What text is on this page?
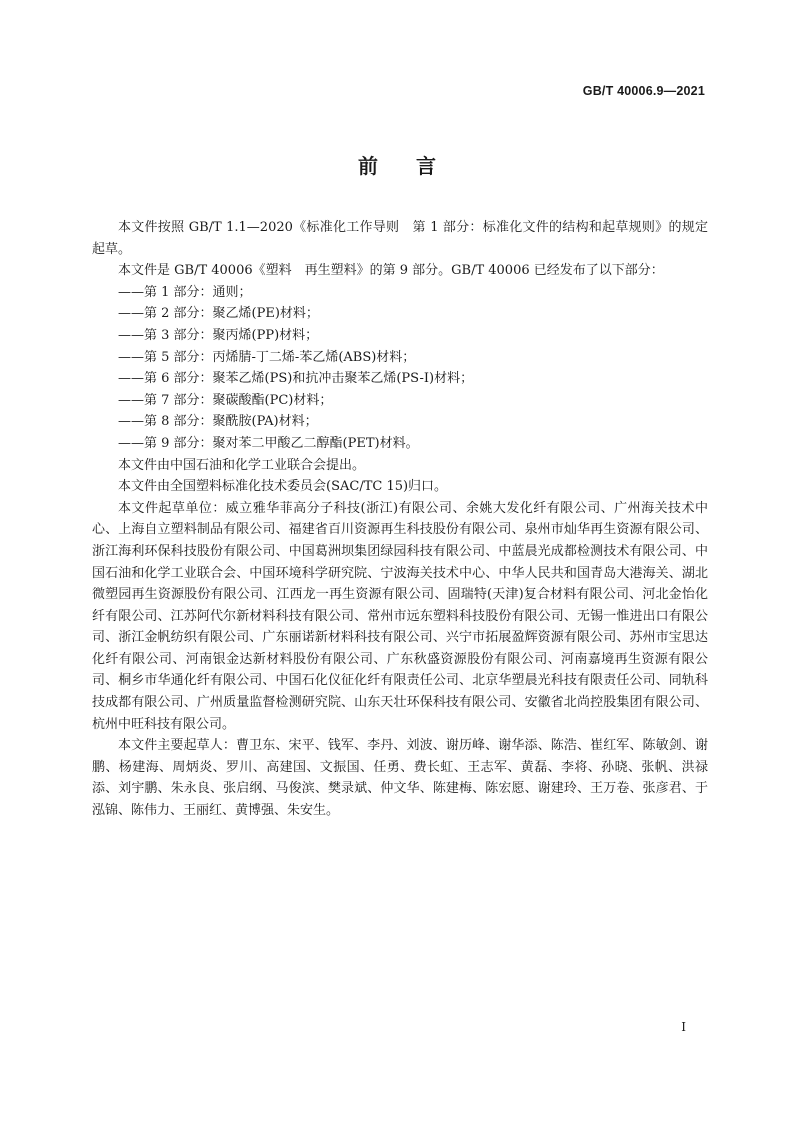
GB/T 40006.9—2021
前言

本文件按照 GB/T 1.1—2020《标准化工作导则　第 1 部分：标准化文件的结构和起草规则》的规定起草。

本文件是 GB/T 40006《塑料　再生塑料》的第 9 部分。GB/T 40006 已经发布了以下部分：

——第 1 部分：通则；

——第 2 部分：聚乙烯(PE)材料；

——第 3 部分：聚丙烯(PP)材料；

——第 5 部分：丙烯腈-丁二烯-苯乙烯(ABS)材料；

——第 6 部分：聚苯乙烯(PS)和抗冲击聚苯乙烯(PS-I)材料；

——第 7 部分：聚碳酸酯(PC)材料；

——第 8 部分：聚酰胺(PA)材料；

——第 9 部分：聚对苯二甲酸乙二醇酯(PET)材料。

本文件由中国石油和化学工业联合会提出。

本文件由全国塑料标准化技术委员会(SAC/TC 15)归口。

本文件起草单位：威立雅华菲高分子科技(浙江)有限公司、余姚大发化纤有限公司、广州海关技术中心、上海自立塑料制品有限公司、福建省百川资源再生科技股份有限公司、泉州市灿华再生资源有限公司、浙江海利环保科技股份有限公司、中国葛洲坝集团绿园科技有限公司、中蓝晨光成都检测技术有限公司、中国石油和化学工业联合会、中国环境科学研究院、宁波海关技术中心、中华人民共和国青岛大港海关、湖北微塑园再生资源股份有限公司、江西龙一再生资源有限公司、固瑞特(天津)复合材料有限公司、河北金怡化纤有限公司、江苏阿代尔新材料科技有限公司、常州市远东塑料科技股份有限公司、无锡一惟进出口有限公司、浙江金帆纺织有限公司、广东丽诺新材料科技有限公司、兴宁市拓展盈辉资源有限公司、苏州市宝思达化纤有限公司、河南银金达新材料股份有限公司、广东秋盛资源股份有限公司、河南嘉境再生资源有限公司、桐乡市华通化纤有限公司、中国石化仪征化纤有限责任公司、北京华塑晨光科技有限责任公司、同轨科技成都有限公司、广州质量监督检测研究院、山东天壮环保科技有限公司、安徽省北尚控股集团有限公司、杭州中旺科技有限公司。

本文件主要起草人：曹卫东、宋平、钱军、李丹、刘波、谢历峰、谢华添、陈浩、崔红军、陈敏剑、谢鹏、杨建海、周炳炎、罗川、高建国、文振国、任勇、费长虹、王志军、黄磊、李将、孙晓、张帆、洪禄添、刘宇鹏、朱永良、张启纲、马俊滨、樊录斌、仲文华、陈建梅、陈宏愿、谢建玲、王万卷、张彦君、于泓锦、陈伟力、王丽红、黄博强、朱安生。

I
